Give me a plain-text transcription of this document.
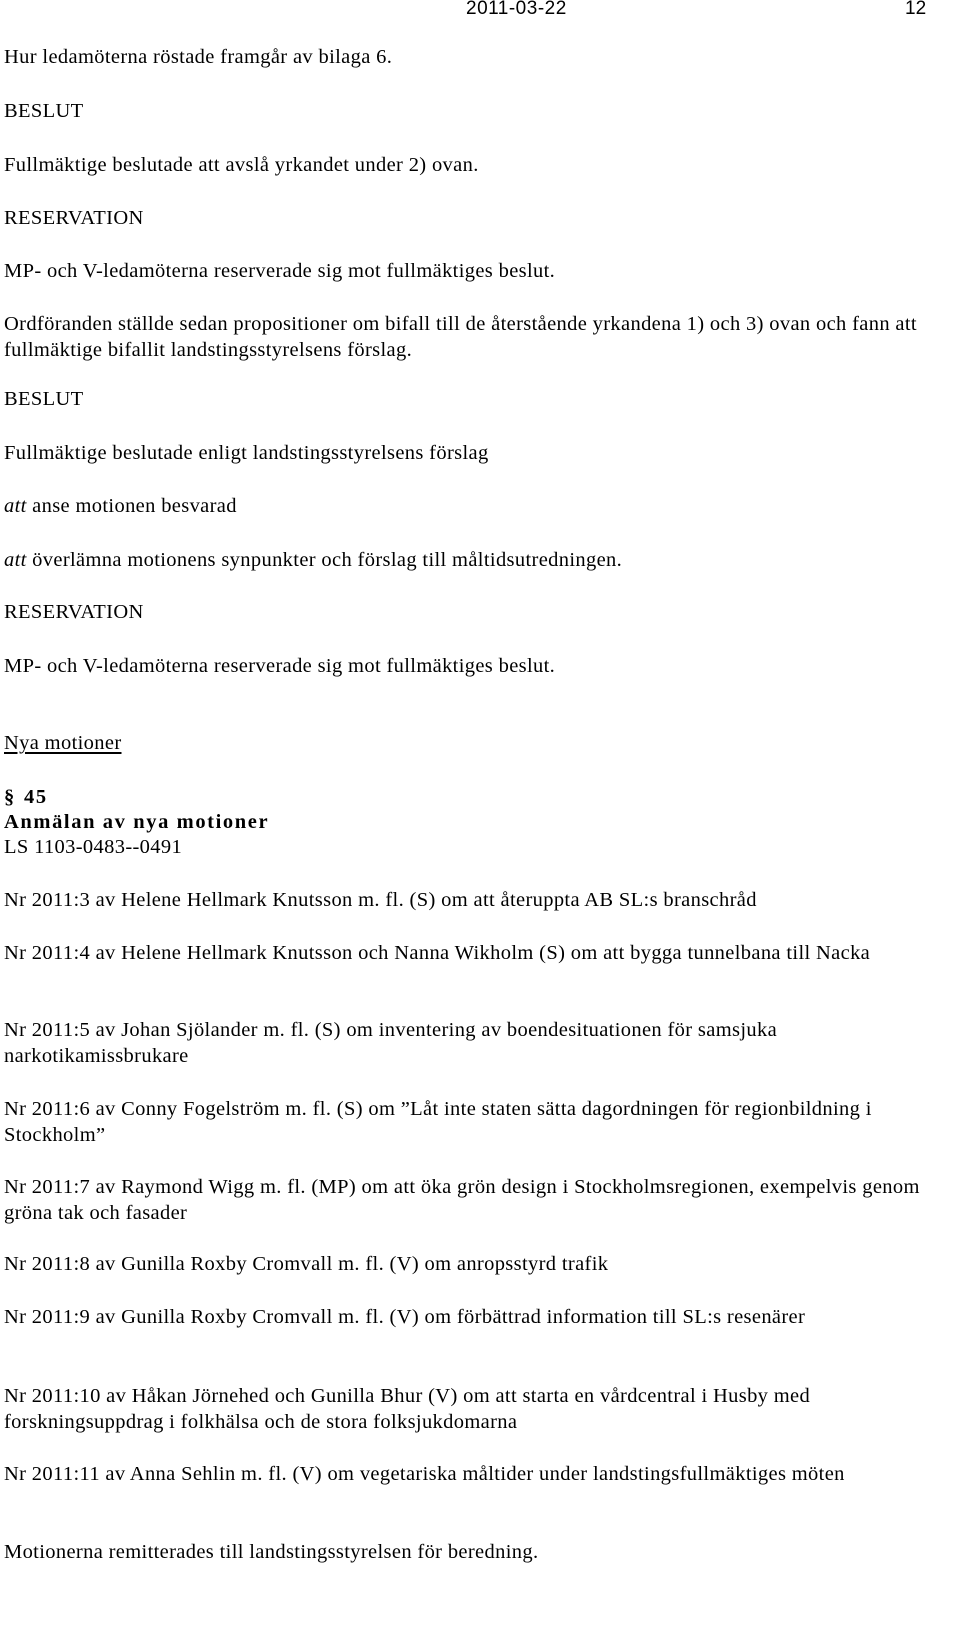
2011-03-22	12

Hur ledamöterna röstade framgår av bilaga 6.

BESLUT

Fullmäktige beslutade att avslå yrkandet under 2) ovan.

RESERVATION

MP- och V-ledamöterna reserverade sig mot fullmäktiges beslut.

Ordföranden ställde sedan propositioner om bifall till de återstående yrkandena 1) och 3) ovan och fann att fullmäktige bifallit landstingsstyrelsens förslag.

BESLUT

Fullmäktige beslutade enligt landstingsstyrelsens förslag

att anse motionen besvarad

att överlämna motionens synpunkter och förslag till måltidsutredningen.

RESERVATION

MP- och V-ledamöterna reserverade sig mot fullmäktiges beslut.

Nya motioner

§ 45

Anmälan av nya motioner

LS 1103-0483--0491

Nr 2011:3 av Helene Hellmark Knutsson m. fl. (S) om att återuppta AB SL:s branschråd

Nr 2011:4 av Helene Hellmark Knutsson och Nanna Wikholm (S) om att bygga tunnelbana till Nacka

Nr 2011:5 av Johan Sjölander m. fl. (S) om inventering av boendesituationen för samsjuka narkotikamissbrukare

Nr 2011:6 av Conny Fogelström m. fl. (S) om ”Låt inte staten sätta dagordningen för regionbildning i Stockholm”

Nr 2011:7 av Raymond Wigg m. fl. (MP) om att öka grön design i Stockholmsregionen, exempelvis genom gröna tak och fasader

Nr 2011:8 av Gunilla Roxby Cromvall m. fl. (V) om anropsstyrd trafik

Nr 2011:9 av Gunilla Roxby Cromvall m. fl. (V) om förbättrad information till SL:s resenärer

Nr 2011:10 av Håkan Jörnehed och Gunilla Bhur (V) om att starta en vårdcentral i Husby med forskningsuppdrag i folkhälsa och de stora folksjukdomarna

Nr 2011:11 av Anna Sehlin m. fl. (V) om vegetariska måltider under landstingsfullmäktiges möten

Motionerna remitterades till landstingsstyrelsen för beredning.
